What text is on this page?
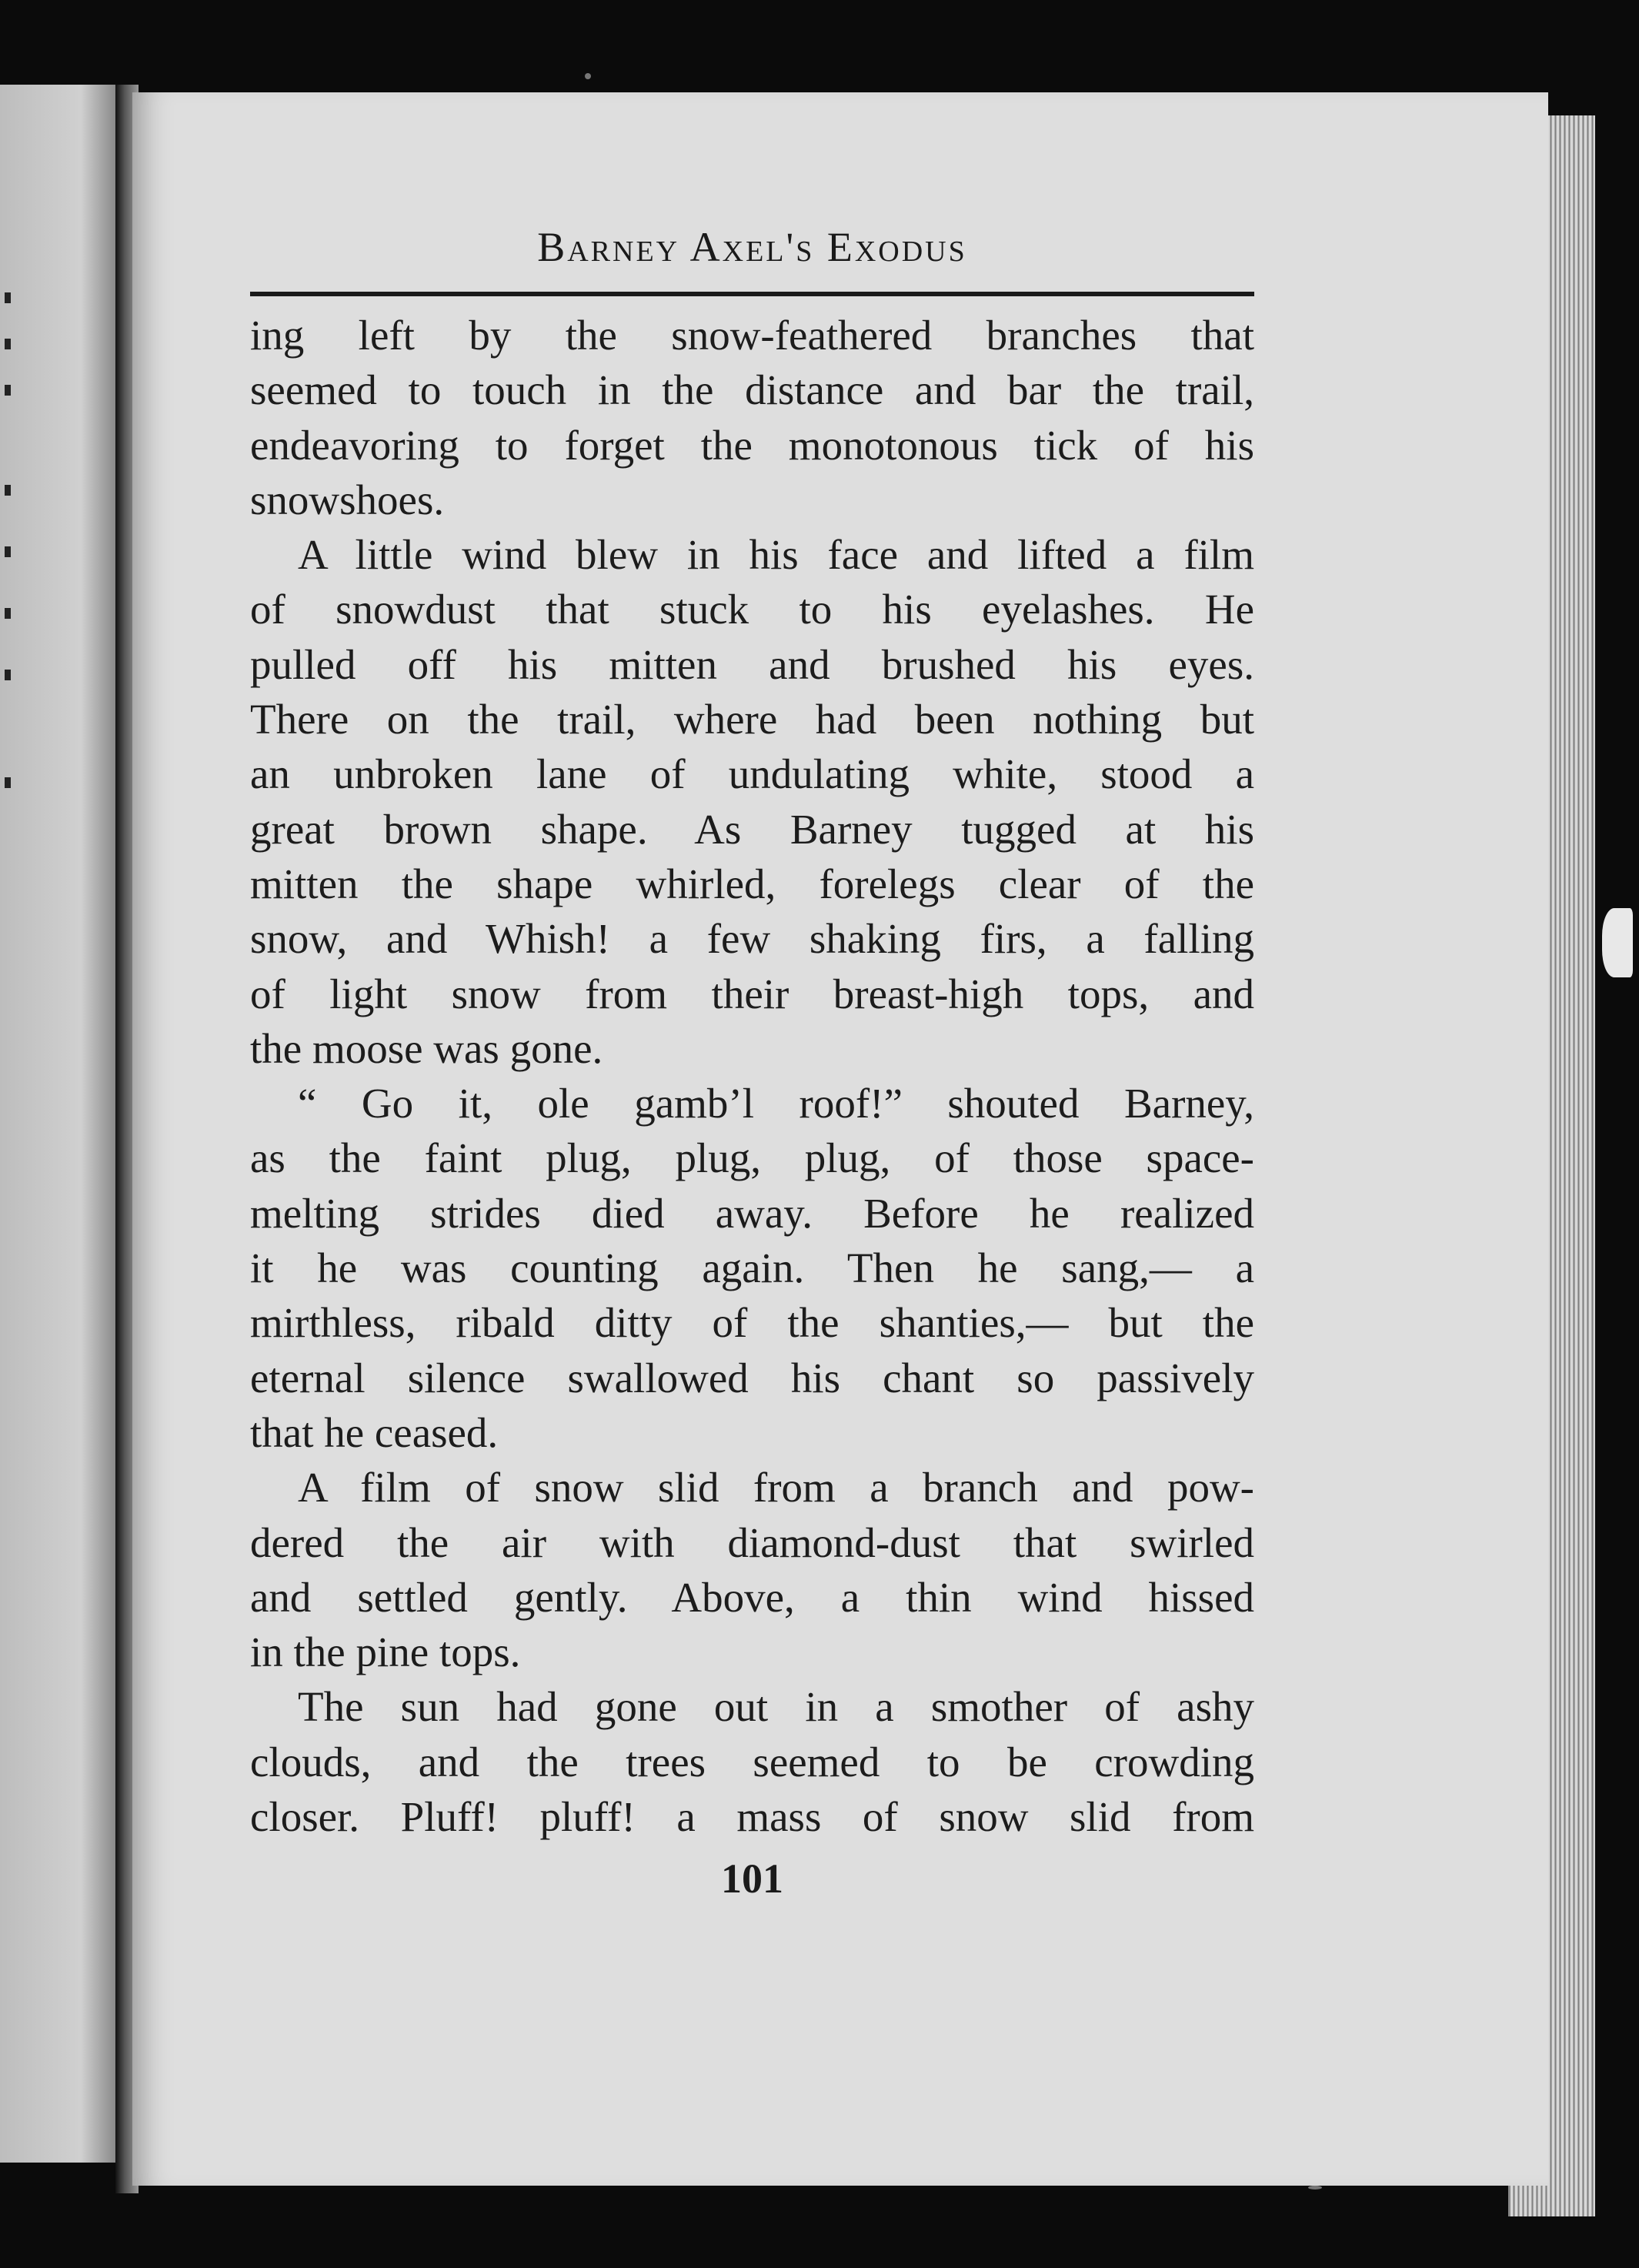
Barney Axel's Exodus
ing left by the snow-feathered branches that
seemed to touch in the distance and bar the trail,
endeavoring to forget the monotonous tick of his
snowshoes.
A little wind blew in his face and lifted a film
of snowdust that stuck to his eyelashes. He
pulled off his mitten and brushed his eyes.
There on the trail, where had been nothing but
an unbroken lane of undulating white, stood a
great brown shape. As Barney tugged at his
mitten the shape whirled, forelegs clear of the
snow, and Whish! a few shaking firs, a falling
of light snow from their breast-high tops, and
the moose was gone.
“ Go it, ole gamb’l roof!” shouted Barney,
as the faint plug, plug, plug, of those space-
melting strides died away. Before he realized
it he was counting again. Then he sang,— a
mirthless, ribald ditty of the shanties,— but the
eternal silence swallowed his chant so passively
that he ceased.
A film of snow slid from a branch and pow-
dered the air with diamond-dust that swirled
and settled gently. Above, a thin wind hissed
in the pine tops.
The sun had gone out in a smother of ashy
clouds, and the trees seemed to be crowding
closer. Pluff! pluff! a mass of snow slid from
101
